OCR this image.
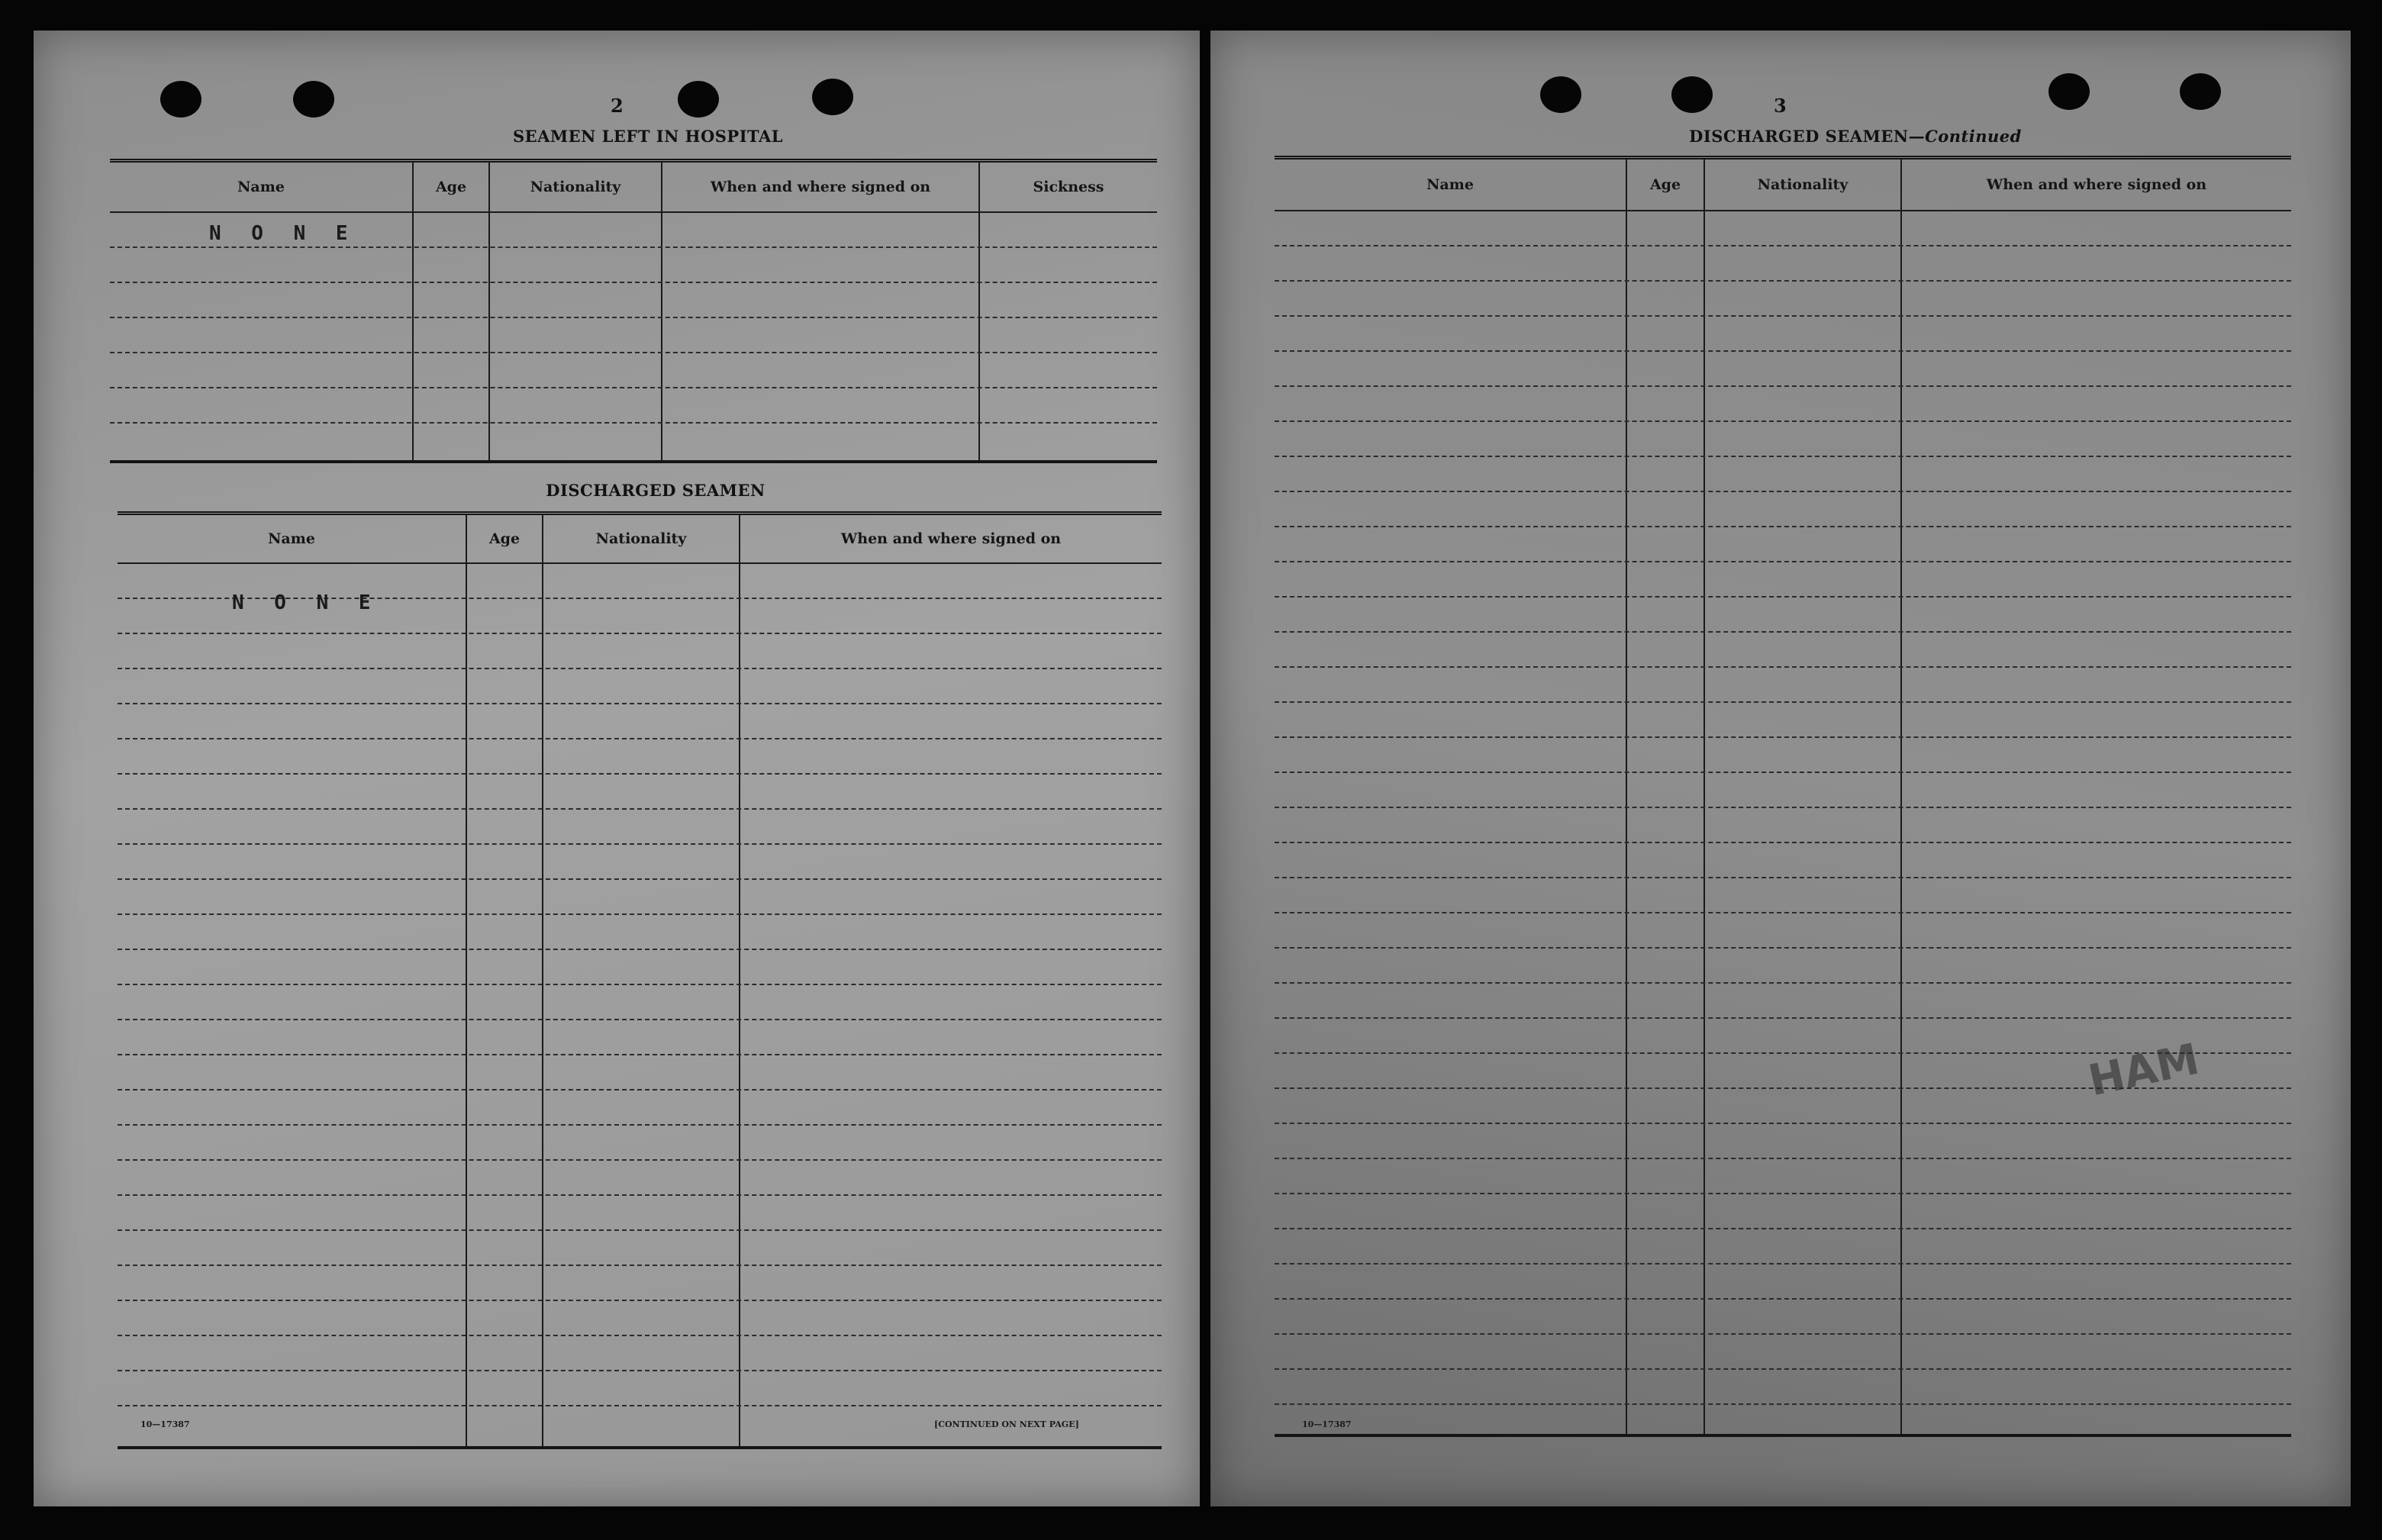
2
SEAMEN LEFT IN HOSPITAL
Name	Age	Nationality	When and where signed on	Sickness
N O N E
DISCHARGED SEAMEN
Name	Age	Nationality	When and where signed on
N O N E
10—17387	[CONTINUED ON NEXT PAGE]
3
DISCHARGED SEAMEN—Continued
Name	Age	Nationality	When and where signed on
HAM
10—17387
